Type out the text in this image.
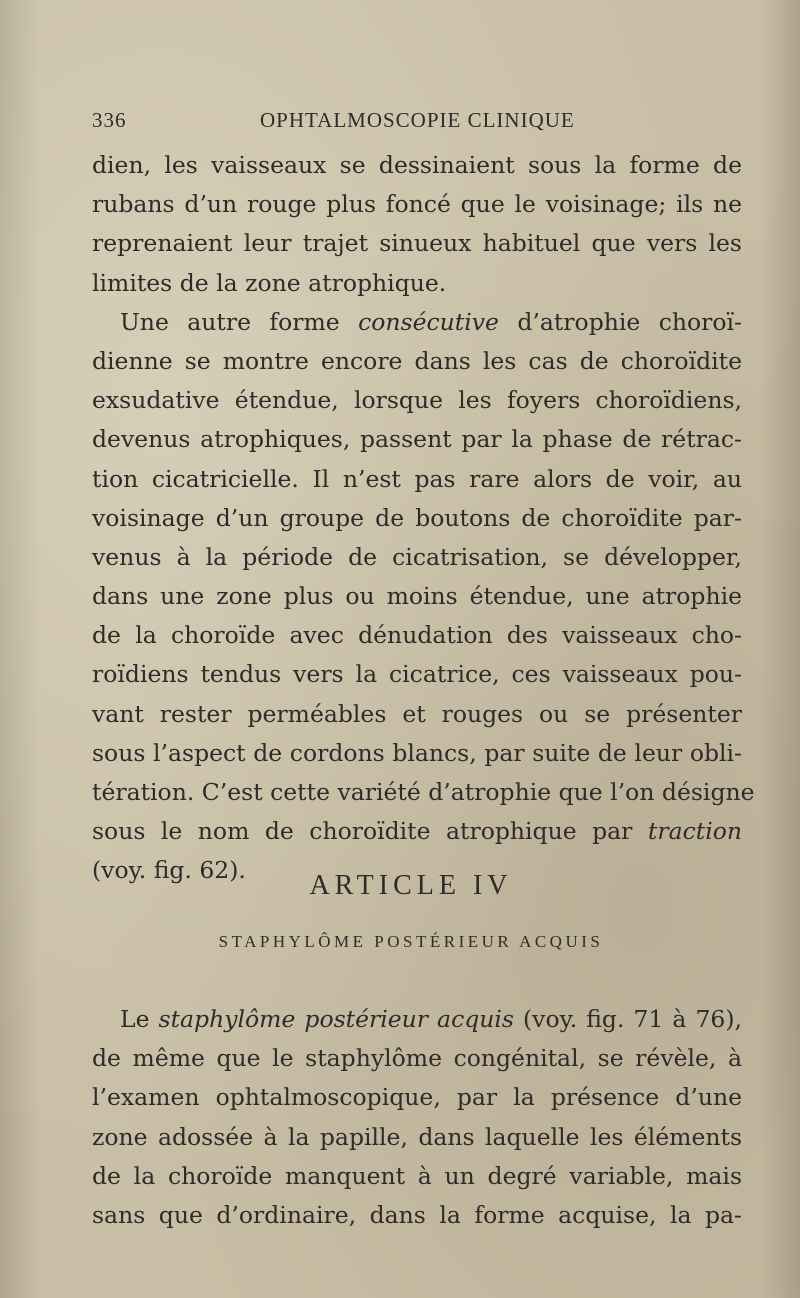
336	OPHTALMOSCOPIE CLINIQUE
dien, les vaisseaux se dessinaient sous la forme de
rubans d’un rouge plus foncé que le voisinage; ils ne
reprenaient leur trajet sinueux habituel que vers les
limites de la zone atrophique.
Une autre forme consécutive d’atrophie choroï-
dienne se montre encore dans les cas de choroïdite
exsudative étendue, lorsque les foyers choroïdiens,
devenus atrophiques, passent par la phase de rétrac-
tion cicatricielle. Il n’est pas rare alors de voir, au
voisinage d’un groupe de boutons de choroïdite par-
venus à la période de cicatrisation, se développer,
dans une zone plus ou moins étendue, une atrophie
de la choroïde avec dénudation des vaisseaux cho-
roïdiens tendus vers la cicatrice, ces vaisseaux pou-
vant rester perméables et rouges ou se présenter
sous l’aspect de cordons blancs, par suite de leur obli-
tération. C’est cette variété d’atrophie que l’on désigne
sous le nom de choroïdite atrophique par traction
(voy. fig. 62).	ARTICLE IV
STAPHYLÔME POSTÉRIEUR ACQUIS
Le staphylôme postérieur acquis (voy. fig. 71 à 76),
de même que le staphylôme congénital, se révèle, à
l’examen ophtalmoscopique, par la présence d’une
zone adossée à la papille, dans laquelle les éléments
de la choroïde manquent à un degré variable, mais
sans que d’ordinaire, dans la forme acquise, la pa-
